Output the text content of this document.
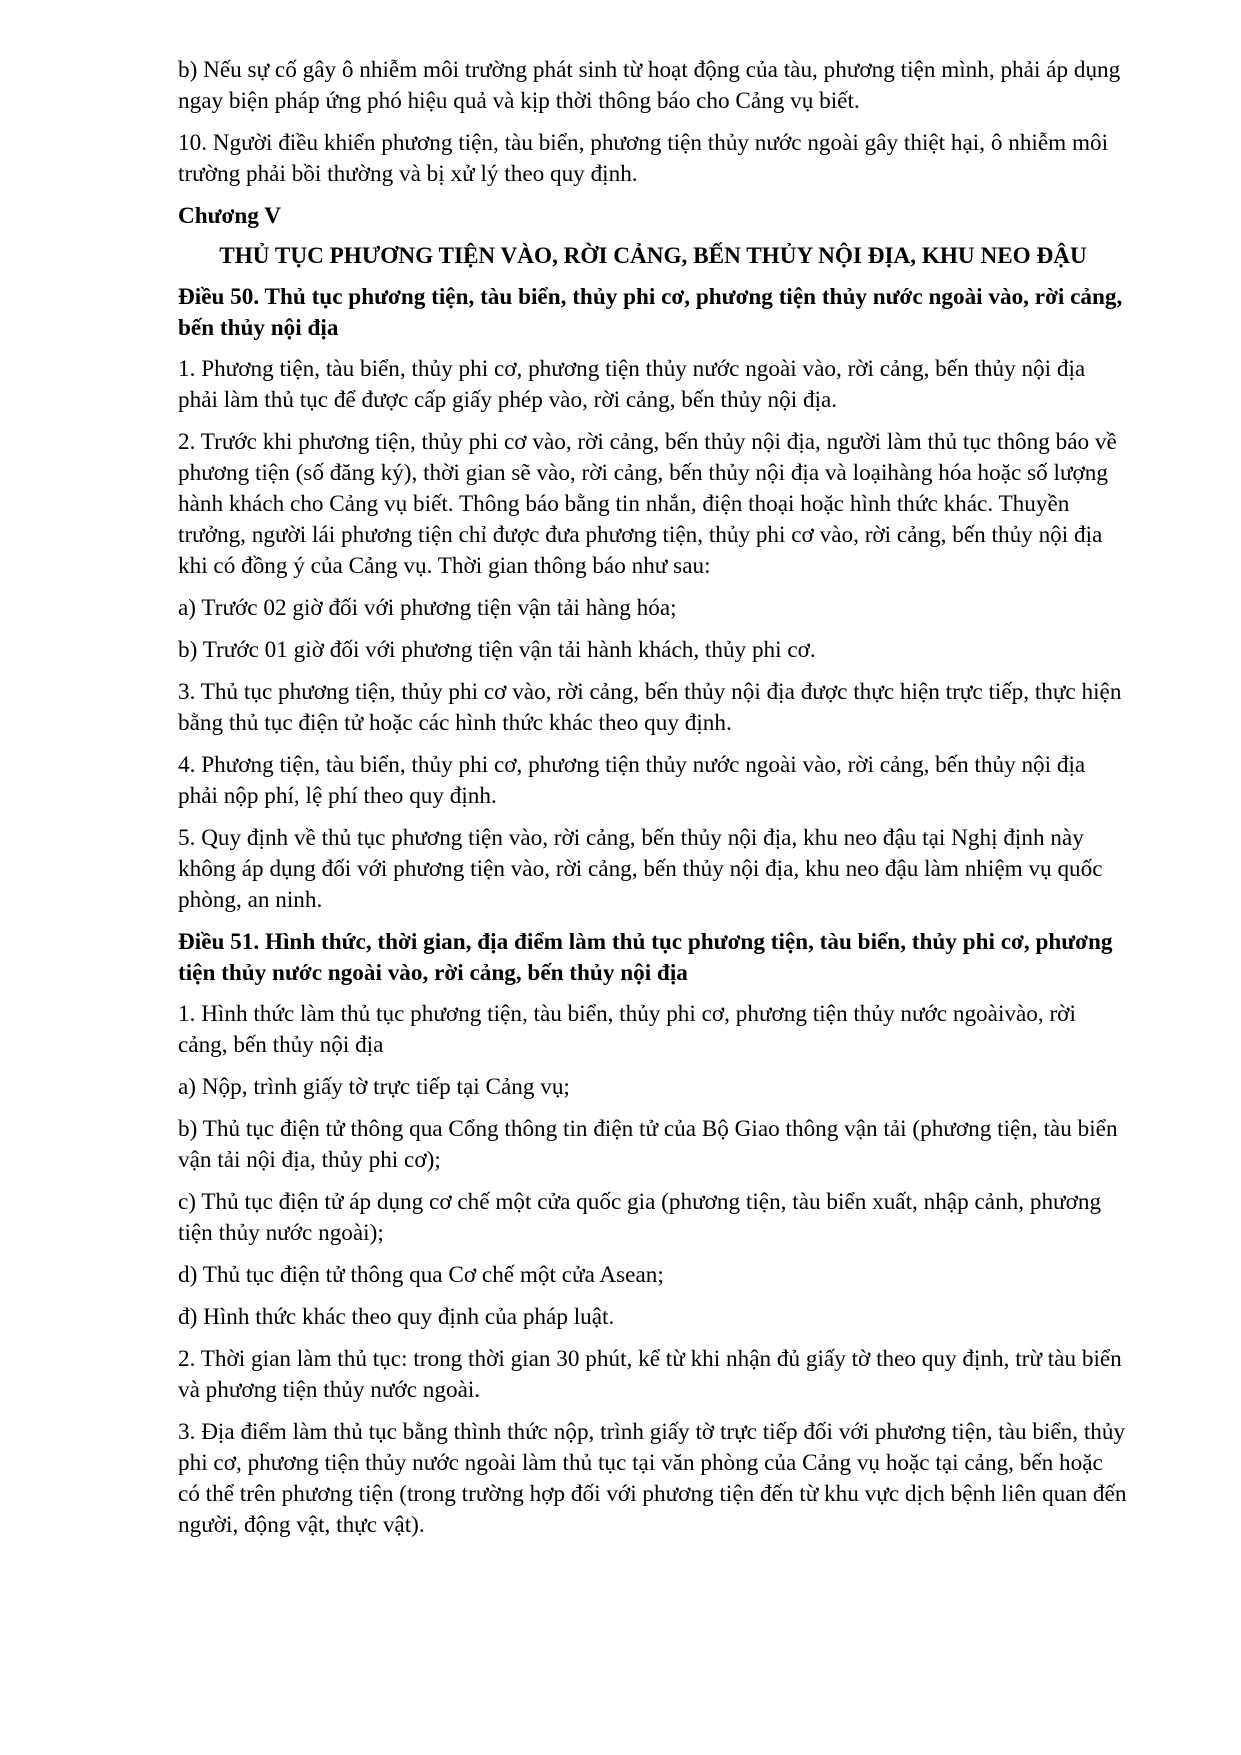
b) Nếu sự cố gây ô nhiễm môi trường phát sinh từ hoạt động của tàu, phương tiện mình, phải áp dụng ngay biện pháp ứng phó hiệu quả và kịp thời thông báo cho Cảng vụ biết.

10. Người điều khiển phương tiện, tàu biển, phương tiện thủy nước ngoài gây thiệt hại, ô nhiễm môi trường phải bồi thường và bị xử lý theo quy định.

Chương V

THỦ TỤC PHƯƠNG TIỆN VÀO, RỜI CẢNG, BẾN THỦY NỘI ĐỊA, KHU NEO ĐẬU

Điều 50. Thủ tục phương tiện, tàu biển, thủy phi cơ, phương tiện thủy nước ngoài vào, rời cảng, bến thủy nội địa

1. Phương tiện, tàu biển, thủy phi cơ, phương tiện thủy nước ngoài vào, rời cảng, bến thủy nội địa phải làm thủ tục để được cấp giấy phép vào, rời cảng, bến thủy nội địa.

2. Trước khi phương tiện, thủy phi cơ vào, rời cảng, bến thủy nội địa, người làm thủ tục thông báo về phương tiện (số đăng ký), thời gian sẽ vào, rời cảng, bến thủy nội địa và loạihàng hóa hoặc số lượng hành khách cho Cảng vụ biết. Thông báo bằng tin nhắn, điện thoại hoặc hình thức khác. Thuyền trưởng, người lái phương tiện chỉ được đưa phương tiện, thủy phi cơ vào, rời cảng, bến thủy nội địa khi có đồng ý của Cảng vụ. Thời gian thông báo như sau:

a) Trước 02 giờ đối với phương tiện vận tải hàng hóa;

b) Trước 01 giờ đối với phương tiện vận tải hành khách, thủy phi cơ.

3. Thủ tục phương tiện, thủy phi cơ vào, rời cảng, bến thủy nội địa được thực hiện trực tiếp, thực hiện bằng thủ tục điện tử hoặc các hình thức khác theo quy định.

4. Phương tiện, tàu biển, thủy phi cơ, phương tiện thủy nước ngoài vào, rời cảng, bến thủy nội địa phải nộp phí, lệ phí theo quy định.

5. Quy định về thủ tục phương tiện vào, rời cảng, bến thủy nội địa, khu neo đậu tại Nghị định này không áp dụng đối với phương tiện vào, rời cảng, bến thủy nội địa, khu neo đậu làm nhiệm vụ quốc phòng, an ninh.

Điều 51. Hình thức, thời gian, địa điểm làm thủ tục phương tiện, tàu biển, thủy phi cơ, phương tiện thủy nước ngoài vào, rời cảng, bến thủy nội địa

1. Hình thức làm thủ tục phương tiện, tàu biển, thủy phi cơ, phương tiện thủy nước ngoàivào, rời cảng, bến thủy nội địa

a) Nộp, trình giấy tờ trực tiếp tại Cảng vụ;

b) Thủ tục điện tử thông qua Cổng thông tin điện tử của Bộ Giao thông vận tải (phương tiện, tàu biển vận tải nội địa, thủy phi cơ);

c) Thủ tục điện tử áp dụng cơ chế một cửa quốc gia (phương tiện, tàu biển xuất, nhập cảnh, phương tiện thủy nước ngoài);

d) Thủ tục điện tử thông qua Cơ chế một cửa Asean;

đ) Hình thức khác theo quy định của pháp luật.

2. Thời gian làm thủ tục: trong thời gian 30 phút, kể từ khi nhận đủ giấy tờ theo quy định, trừ tàu biển và phương tiện thủy nước ngoài.

3. Địa điểm làm thủ tục bằng thình thức nộp, trình giấy tờ trực tiếp đối với phương tiện, tàu biển, thủy phi cơ, phương tiện thủy nước ngoài làm thủ tục tại văn phòng của Cảng vụ hoặc tại cảng, bến hoặc có thể trên phương tiện (trong trường hợp đối với phương tiện đến từ khu vực dịch bệnh liên quan đến người, động vật, thực vật).
